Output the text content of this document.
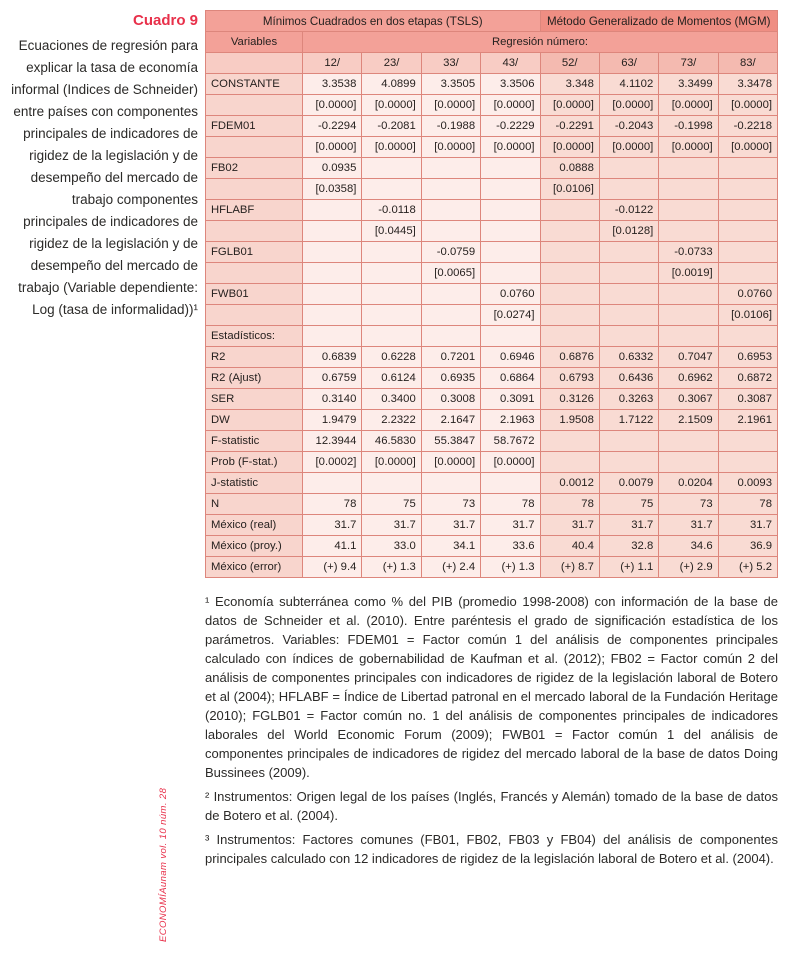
Cuadro 9
Ecuaciones de regresión para explicar la tasa de economía informal (Indices de Schneider) entre países con componentes principales de indicadores de rigidez de la legislación y de desempeño del mercado de trabajo componentes principales de indicadores de rigidez de la legislación y de desempeño del mercado de trabajo (Variable dependiente: Log (tasa de informalidad))¹
ECONOMÍAunam vol. 10 núm. 28
Mínimos Cuadrados en dos etapas (TSLS)					Método Generalizado de Momentos (MGM)			
Variables	Regresión número:							
	12/	23/	33/	43/	52/	63/	73/	83/
CONSTANTE	3.3538	4.0899	3.3505	3.3506	3.348	4.1102	3.3499	3.3478
	[0.0000]	[0.0000]	[0.0000]	[0.0000]	[0.0000]	[0.0000]	[0.0000]	[0.0000]
FDEM01	-0.2294	-0.2081	-0.1988	-0.2229	-0.2291	-0.2043	-0.1998	-0.2218
	[0.0000]	[0.0000]	[0.0000]	[0.0000]	[0.0000]	[0.0000]	[0.0000]	[0.0000]
FB02	0.0935				0.0888			
	[0.0358]				[0.0106]			
HFLABF		-0.0118				-0.0122		
		[0.0445]				[0.0128]		
FGLB01			-0.0759				-0.0733	
			[0.0065]				[0.0019]	
FWB01				0.0760				0.0760
				[0.0274]				[0.0106]
Estadísticos:								
R2	0.6839	0.6228	0.7201	0.6946	0.6876	0.6332	0.7047	0.6953
R2 (Ajust)	0.6759	0.6124	0.6935	0.6864	0.6793	0.6436	0.6962	0.6872
SER	0.3140	0.3400	0.3008	0.3091	0.3126	0.3263	0.3067	0.3087
DW	1.9479	2.2322	2.1647	2.1963	1.9508	1.7122	2.1509	2.1961
F-statistic	12.3944	46.5830	55.3847	58.7672				
Prob (F-stat.)	[0.0002]	[0.0000]	[0.0000]	[0.0000]				
J-statistic					0.0012	0.0079	0.0204	0.0093
N	78	75	73	78	78	75	73	78
México (real)	31.7	31.7	31.7	31.7	31.7	31.7	31.7	31.7
México (proy.)	41.1	33.0	34.1	33.6	40.4	32.8	34.6	36.9
México (error)	(+) 9.4	(+) 1.3	(+) 2.4	(+) 1.3	(+) 8.7	(+) 1.1	(+) 2.9	(+) 5.2

¹ Economía subterránea como % del PIB (promedio 1998-2008) con información de la base de datos de Schneider et al. (2010). Entre paréntesis el grado de significación estadística de los parámetros. Variables: FDEM01 = Factor común 1 del análisis de componentes principales calculado con índices de gobernabilidad de Kaufman et al. (2012); FB02 = Factor común 2 del análisis de componentes principales con indicadores de rigidez de la legislación laboral de Botero et al (2004); HFLABF = Índice de Libertad patronal en el mercado laboral de la Fundación Heritage (2010); FGLB01 = Factor común no. 1 del análisis de componentes principales de indicadores laborales del World Economic Forum (2009); FWB01 = Factor común 1 del análisis de componentes principales de indicadores de rigidez del mercado laboral de la base de datos Doing Bussinees (2009).

² Instrumentos: Origen legal de los países (Inglés, Francés y Alemán) tomado de la base de datos de Botero et al. (2004).

³ Instrumentos: Factores comunes (FB01, FB02, FB03 y FB04) del análisis de componentes principales calculado con 12 indicadores de rigidez de la legislación laboral de Botero et al. (2004).
